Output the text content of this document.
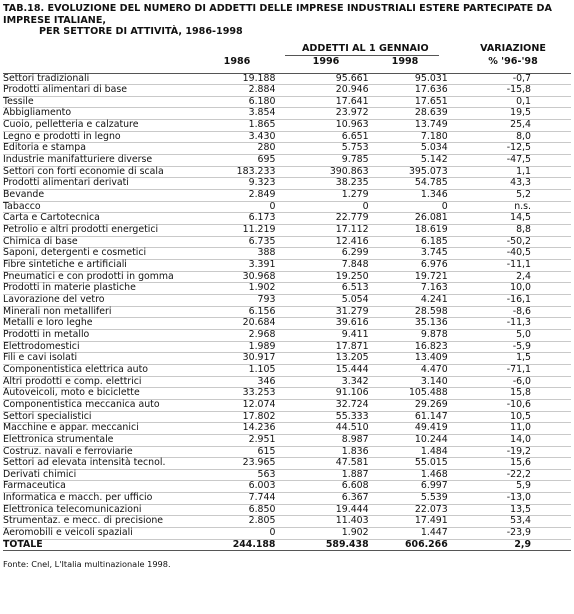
TAB.18. EVOLUZIONE DEL NUMERO DI ADDETTI DELLE IMPRESE INDUSTRIALI ESTERE PARTECIPATE DA IMPRESE ITALIANE,
PER SETTORE DI ATTIVITÀ, 1986-1998
ADDETTI AL 1 GENNAIO	VARIAZIONE
% '96-'98
1986	1996	1998
Settori tradizionali	19.188	95.661	95.031	-0,7
Prodotti alimentari di base	2.884	20.946	17.636	-15,8
Tessile	6.180	17.641	17.651	0,1
Abbigliamento	3.854	23.972	28.639	19,5
Cuoio, pelletteria e calzature	1.865	10.963	13.749	25,4
Legno e prodotti in legno	3.430	6.651	7.180	8,0
Editoria e stampa	280	5.753	5.034	-12,5
Industrie manifatturiere diverse	695	9.785	5.142	-47,5
Settori con forti economie di scala	183.233	390.863	395.073	1,1
Prodotti alimentari derivati	9.323	38.235	54.785	43,3
Bevande	2.849	1.279	1.346	5,2
Tabacco	0	0	0	n.s.
Carta e Cartotecnica	6.173	22.779	26.081	14,5
Petrolio e altri prodotti energetici	11.219	17.112	18.619	8,8
Chimica di base	6.735	12.416	6.185	-50,2
Saponi, detergenti e cosmetici	388	6.299	3.745	-40,5
Fibre sintetiche e artificiali	3.391	7.848	6.976	-11,1
Pneumatici e con prodotti in gomma	30.968	19.250	19.721	2,4
Prodotti in materie plastiche	1.902	6.513	7.163	10,0
Lavorazione del vetro	793	5.054	4.241	-16,1
Minerali non metalliferi	6.156	31.279	28.598	-8,6
Metalli e loro leghe	20.684	39.616	35.136	-11,3
Prodotti in metallo	2.968	9.411	9.878	5,0
Elettrodomestici	1.989	17.871	16.823	-5,9
Fili e cavi isolati	30.917	13.205	13.409	1,5
Componentistica elettrica auto	1.105	15.444	4.470	-71,1
Altri prodotti e comp. elettrici	346	3.342	3.140	-6,0
Autoveicoli, moto e biciclette	33.253	91.106	105.488	15,8
Componentistica meccanica auto	12.074	32.724	29.269	-10,6
Settori specialistici	17.802	55.333	61.147	10,5
Macchine e appar. meccanici	14.236	44.510	49.419	11,0
Elettronica strumentale	2.951	8.987	10.244	14,0
Costruz. navali e ferroviarie	615	1.836	1.484	-19,2
Settori ad elevata intensità tecnol.	23.965	47.581	55.015	15,6
Derivati chimici	563	1.887	1.468	-22,2
Farmaceutica	6.003	6.608	6.997	5,9
Informatica e macch. per ufficio	7.744	6.367	5.539	-13,0
Elettronica telecomunicazioni	6.850	19.444	22.073	13,5
Strumentaz. e mecc. di precisione	2.805	11.403	17.491	53,4
Aeromobili e veicoli spaziali	0	1.902	1.447	-23,9
TOTALE	244.188	589.438	606.266	2,9
Fonte: Cnel, L'Italia multinazionale 1998.
